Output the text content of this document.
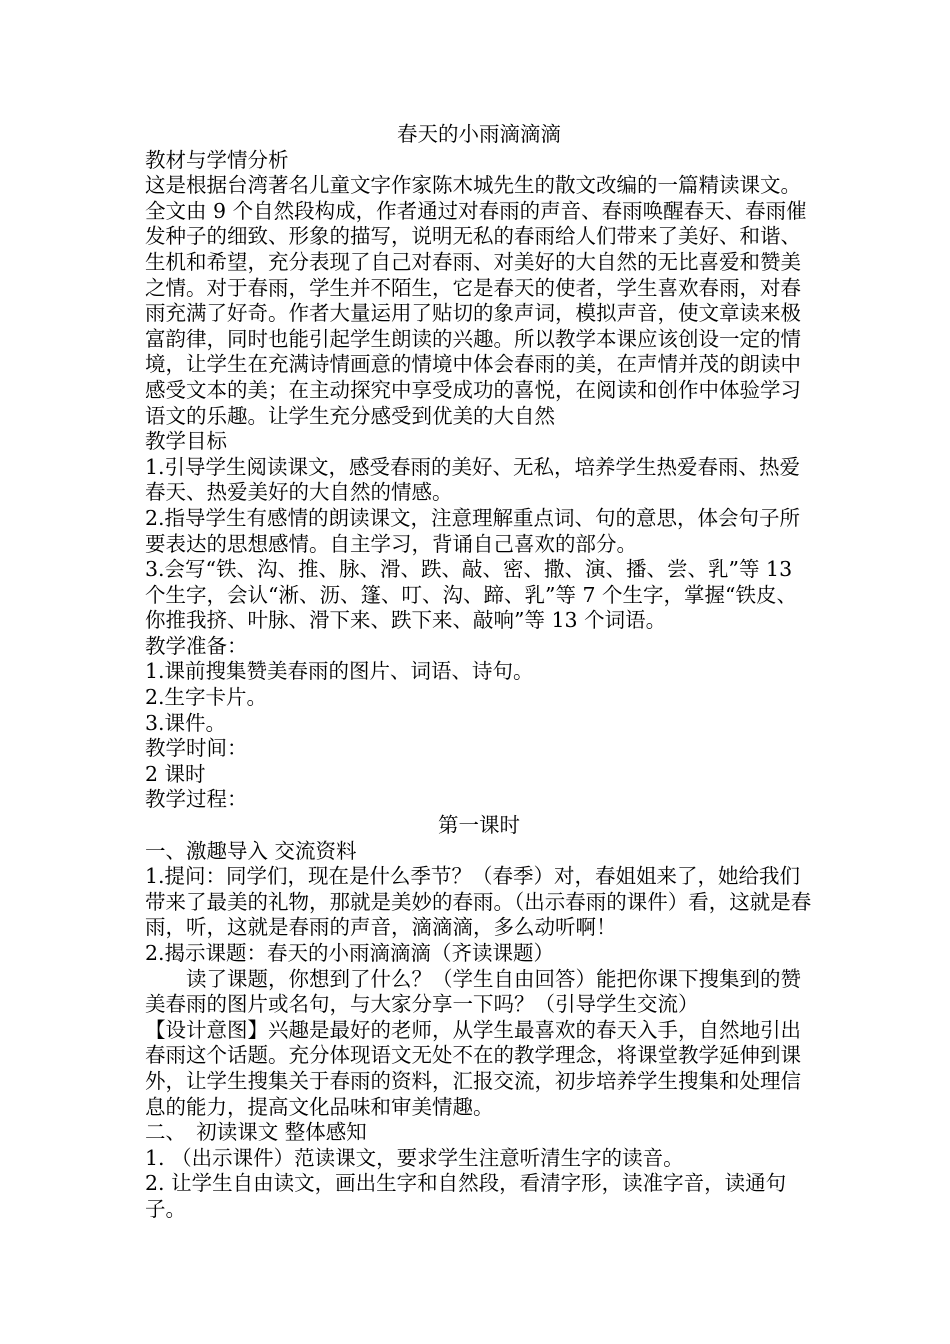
春天的小雨滴滴滴

教材与学情分析

这是根据台湾著名儿童文字作家陈木城先生的散文改编的一篇精读课文。全文由 9 个自然段构成，作者通过对春雨的声音、春雨唤醒春天、春雨催发种子的细致、形象的描写，说明无私的春雨给人们带来了美好、和谐、生机和希望，充分表现了自己对春雨、对美好的大自然的无比喜爱和赞美之情。对于春雨，学生并不陌生，它是春天的使者，学生喜欢春雨，对春雨充满了好奇。作者大量运用了贴切的象声词，模拟声音，使文章读来极富韵律，同时也能引起学生朗读的兴趣。所以教学本课应该创设一定的情境，让学生在充满诗情画意的情境中体会春雨的美，在声情并茂的朗读中感受文本的美；在主动探究中享受成功的喜悦，在阅读和创作中体验学习语文的乐趣。让学生充分感受到优美的大自然

教学目标

1.引导学生阅读课文，感受春雨的美好、无私，培养学生热爱春雨、热爱春天、热爱美好的大自然的情感。

2.指导学生有感情的朗读课文，注意理解重点词、句的意思，体会句子所要表达的思想感情。自主学习，背诵自己喜欢的部分。

3.会写“铁、沟、推、脉、滑、跌、敲、密、撒、演、播、尝、乳”等 13 个生字，会认“淅、沥、篷、叮、沟、蹄、乳”等 7 个生字，掌握“铁皮、你推我挤、叶脉、滑下来、跌下来、敲响”等 13 个词语。

教学准备：

1.课前搜集赞美春雨的图片、词语、诗句。

2.生字卡片。

3.课件。

教学时间：

2 课时

教学过程：

第一课时

一、激趣导入 交流资料

1.提问：同学们，现在是什么季节？（春季）对，春姐姐来了，她给我们带来了最美的礼物，那就是美妙的春雨。（出示春雨的课件）看，这就是春雨，听，这就是春雨的声音，滴滴滴，多么动听啊！

2.揭示课题：春天的小雨滴滴滴（齐读课题）

读了课题，你想到了什么？（学生自由回答）能把你课下搜集到的赞美春雨的图片或名句，与大家分享一下吗？（引导学生交流）

【设计意图】兴趣是最好的老师，从学生最喜欢的春天入手，自然地引出春雨这个话题。充分体现语文无处不在的教学理念，将课堂教学延伸到课外，让学生搜集关于春雨的资料，汇报交流，初步培养学生搜集和处理信息的能力，提高文化品味和审美情趣。

二、　初读课文 整体感知

1. （出示课件）范读课文，要求学生注意听清生字的读音。

2. 让学生自由读文，画出生字和自然段，看清字形，读准字音，读通句子。
